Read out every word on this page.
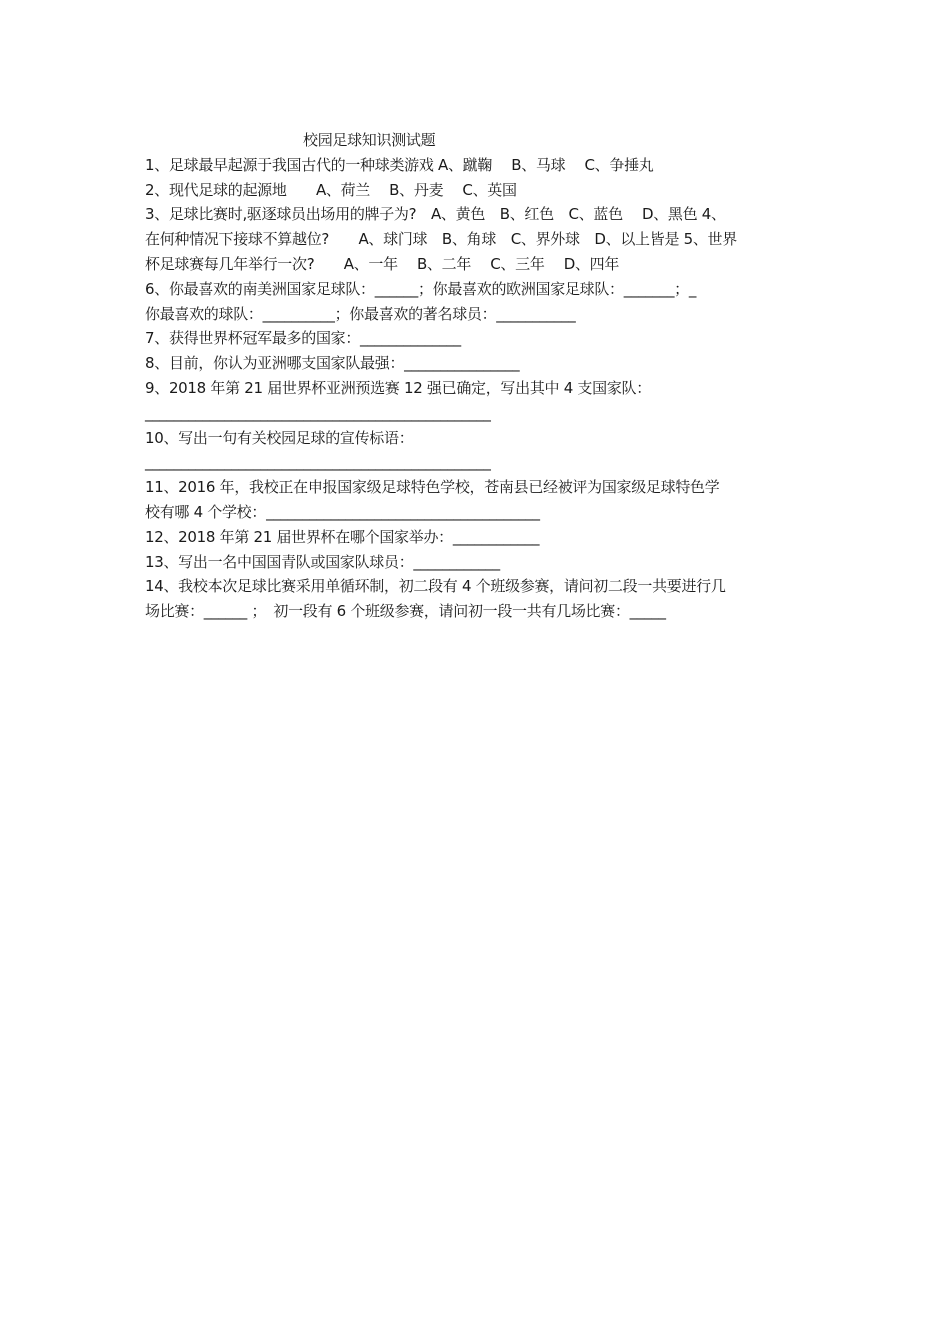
校园足球知识测试题
1、足球最早起源于我国古代的一种球类游戏 A、蹴鞠　 B、马球　 C、争捶丸
2、现代足球的起源地　　A、荷兰　 B、丹麦　 C、英国
3、足球比赛时,驱逐球员出场用的牌子为?　A、黄色　B、红色　C、蓝色　 D、黑色 4、
在何种情况下接球不算越位?　　A、球门球　B、角球　C、界外球　D、以上皆是 5、世界
杯足球赛每几年举行一次?　　A、一年　 B、二年　 C、三年　 D、四年
6、你最喜欢的南美洲国家足球队：______；你最喜欢的欧洲国家足球队：_______；_
你最喜欢的球队：__________；你最喜欢的著名球员：___________
7、获得世界杯冠军最多的国家：______________
8、目前，你认为亚洲哪支国家队最强：________________
9、2018 年第 21 届世界杯亚洲预选赛 12 强已确定，写出其中 4 支国家队：
________________________________________________
10、写出一句有关校园足球的宣传标语：
________________________________________________
11、2016 年，我校正在申报国家级足球特色学校，苍南县已经被评为国家级足球特色学
校有哪 4 个学校：______________________________________
12、2018 年第 21 届世界杯在哪个国家举办：____________
13、写出一名中国国青队或国家队球员：____________
14、我校本次足球比赛采用单循环制，初二段有 4 个班级参赛，请问初二段一共要进行几
场比赛：______ ；　初一段有 6 个班级参赛，请问初一段一共有几场比赛：_____
